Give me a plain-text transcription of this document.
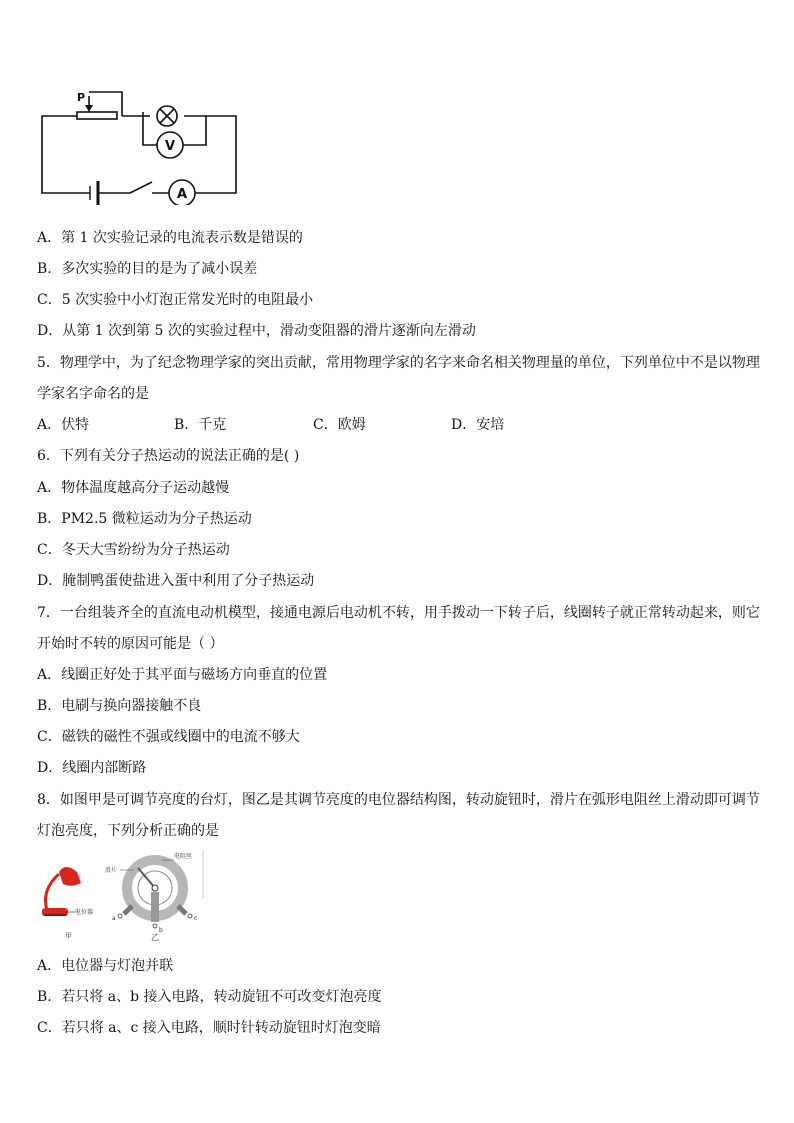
P
V
A
A．第 1 次实验记录的电流表示数是错误的
B．多次实验的目的是为了减小误差
C．5 次实验中小灯泡正常发光时的电阻最小
D．从第 1 次到第 5 次的实验过程中，滑动变阻器的滑片逐渐向左滑动
5．物理学中，为了纪念物理学家的突出贡献，常用物理学家的名字来命名相关物理量的单位，下列单位中不是以物理
学家名字命名的是
A．伏特	B．千克	C．欧姆	D．安培
6．下列有关分子热运动的说法正确的是( )
A．物体温度越高分子运动越慢
B．PM2.5 微粒运动为分子热运动
C．冬天大雪纷纷为分子热运动
D．腌制鸭蛋使盐进入蛋中利用了分子热运动
7．一台组装齐全的直流电动机模型，接通电源后电动机不转，用手拨动一下转子后，线圈转子就正常转动起来，则它
开始时不转的原因可能是（ ）
A．线圈正好处于其平面与磁场方向垂直的位置
B．电刷与换向器接触不良
C．磁铁的磁性不强或线圈中的电流不够大
D．线圈内部断路
8．如图甲是可调节亮度的台灯，图乙是其调节亮度的电位器结构图，转动旋钮时，滑片在弧形电阻丝上滑动即可调节
灯泡亮度，下列分析正确的是
电位器
甲
滑片
电阻丝
a
b
c
乙
A．电位器与灯泡并联
B．若只将 a、b 接入电路，转动旋钮不可改变灯泡亮度
C．若只将 a、c 接入电路，顺时针转动旋钮时灯泡变暗
